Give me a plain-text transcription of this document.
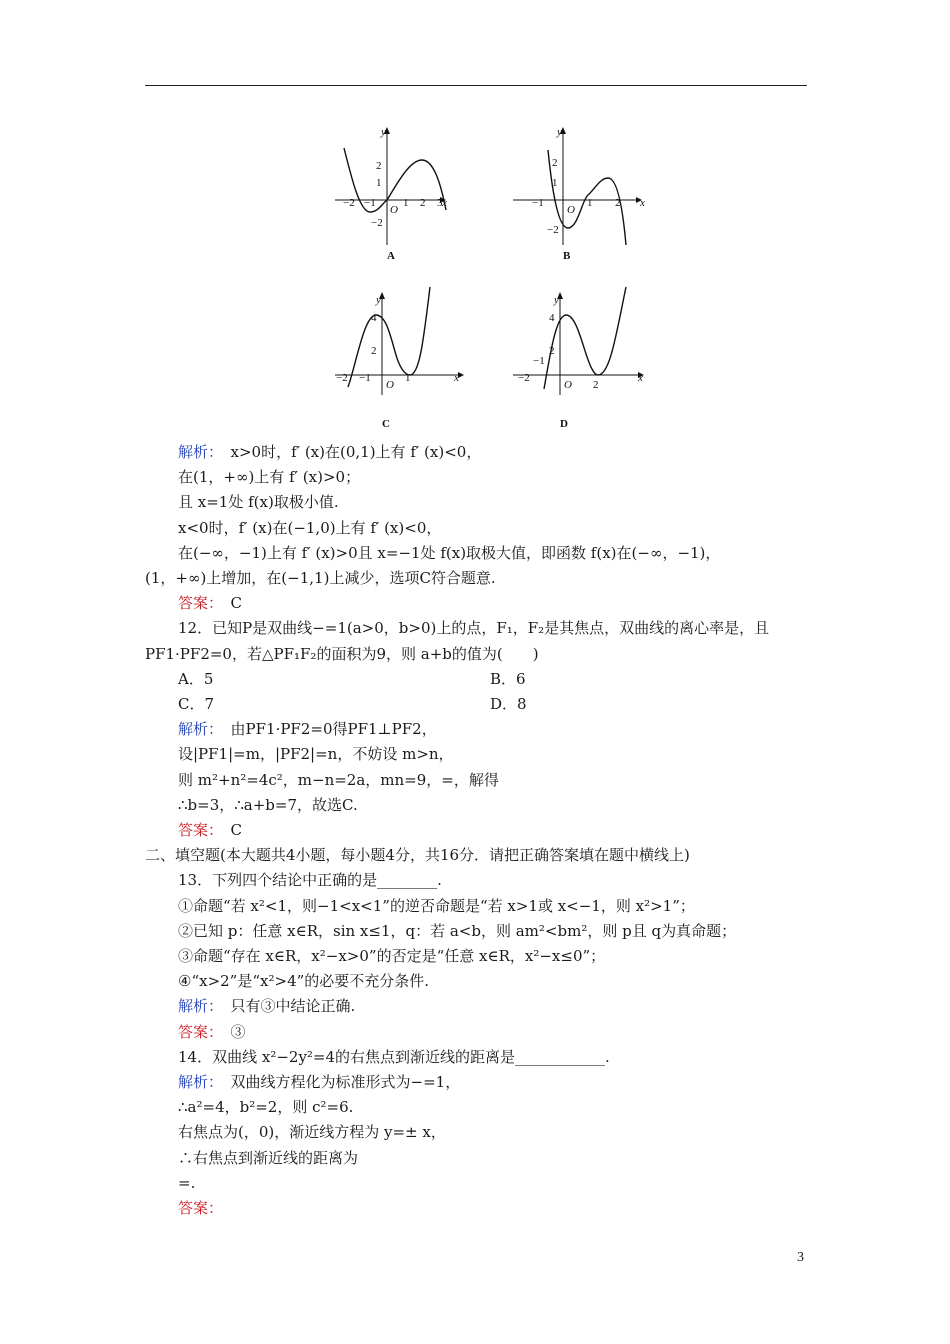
y
x
O
2
1
−2
−2 −1 1 2 3
A
y
x
O
2
1
−2
−1	1 2
B
y
x
O
4
2
−2 −1	1
C
y
x
O
4
2
−1
−2
2
D
解析：　 x>0时，f′ (x)在(0,1)上有 f′ (x)<0，
在(1，+∞)上有 f′ (x)>0；
且 x=1处 f(x)取极小值.
x<0时，f′ (x)在(−1,0)上有 f′ (x)<0，
在(−∞，−1)上有 f′ (x)>0且 x=−1处 f(x)取极大值，即函数 f(x)在(−∞，−1)，
(1，+∞)上增加，在(−1,1)上减少，选项C符合题意.
答案：　 C
12．已知P是双曲线−=1(a>0，b>0)上的点，F₁，F₂是其焦点，双曲线的离心率是，且
PF1·PF2=0，若△PF₁F₂的面积为9，则 a+b的值为(　　)
A．5	B．6
C．7	D．8
解析：　 由PF1·PF2=0得PF1⊥PF2，
设|PF1|=m，|PF2|=n，不妨设 m>n，
则 m²+n²=4c²，m−n=2a，mn=9，=，解得
∴b=3，∴a+b=7，故选C.
答案：　 C
二、填空题(本大题共4小题，每小题4分，共16分．请把正确答案填在题中横线上)
13．下列四个结论中正确的是________.
①命题“若 x²<1，则−1<x<1”的逆否命题是“若 x>1或 x<−1，则 x²>1”；
②已知 p：任意 x∈R，sin x≤1，q：若 a<b，则 am²<bm²，则 p且 q为真命题；
③命题“存在 x∈R，x²−x>0”的否定是“任意 x∈R，x²−x≤0”；
④“x>2”是“x²>4”的必要不充分条件.
解析：　 只有③中结论正确.
答案：　 ③
14．双曲线 x²−2y²=4的右焦点到渐近线的距离是____________.
解析：　 双曲线方程化为标准形式为−=1，
∴a²=4，b²=2，则 c²=6.
右焦点为(，0)，渐近线方程为 y=± x，
∴右焦点到渐近线的距离为
=.
答案：
3
